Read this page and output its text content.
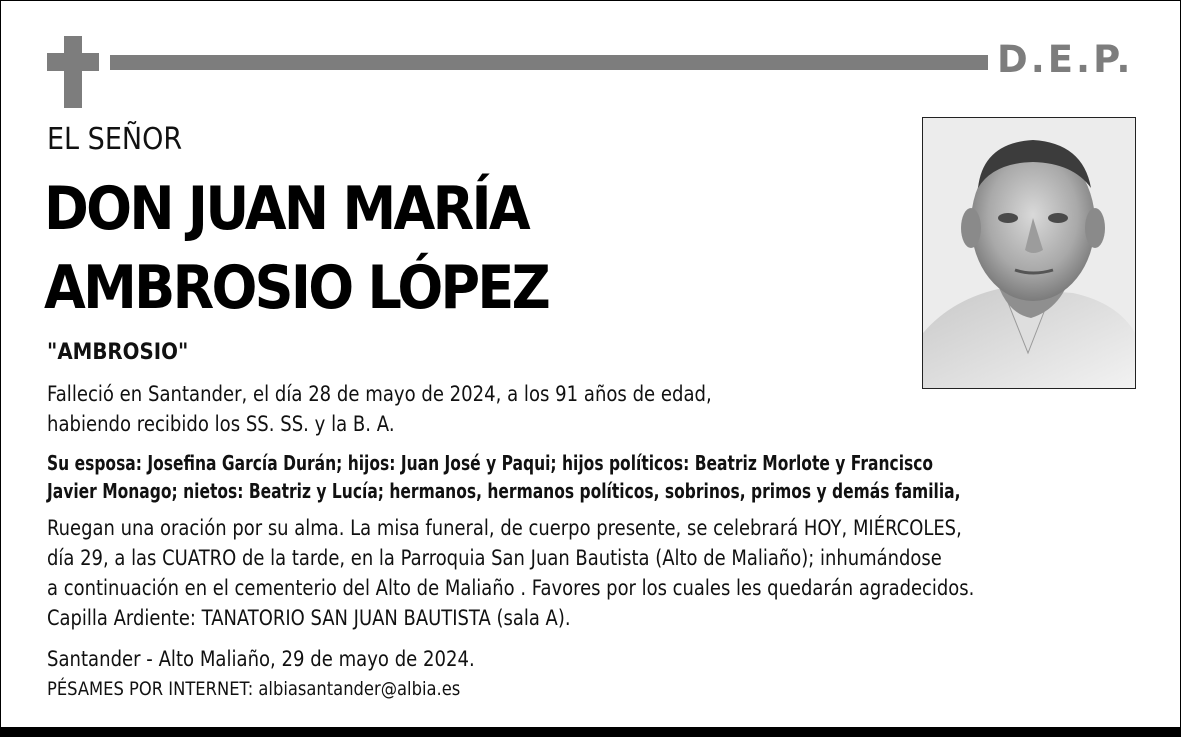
D.E.P.
EL SEÑOR
DON JUAN MARÍA
AMBROSIO LÓPEZ
"AMBROSIO"
Falleció en Santander, el día 28 de mayo de 2024, a los 91 años de edad,
habiendo recibido los SS. SS. y la B. A.
Su esposa: Josefina García Durán; hijos: Juan José y Paqui; hijos políticos: Beatriz Morlote y Francisco
Javier Monago; nietos: Beatriz y Lucía; hermanos, hermanos políticos, sobrinos, primos y demás familia,
Ruegan una oración por su alma. La misa funeral, de cuerpo presente, se celebrará HOY, MIÉRCOLES,
día 29, a las CUATRO de la tarde, en la Parroquia San Juan Bautista (Alto de Maliaño); inhumándose
a continuación en el cementerio del Alto de Maliaño . Favores por los cuales les quedarán agradecidos.
Capilla Ardiente: TANATORIO SAN JUAN BAUTISTA (sala A).
Santander - Alto Maliaño, 29 de mayo de 2024.
PÉSAMES POR INTERNET: albiasantander@albia.es
